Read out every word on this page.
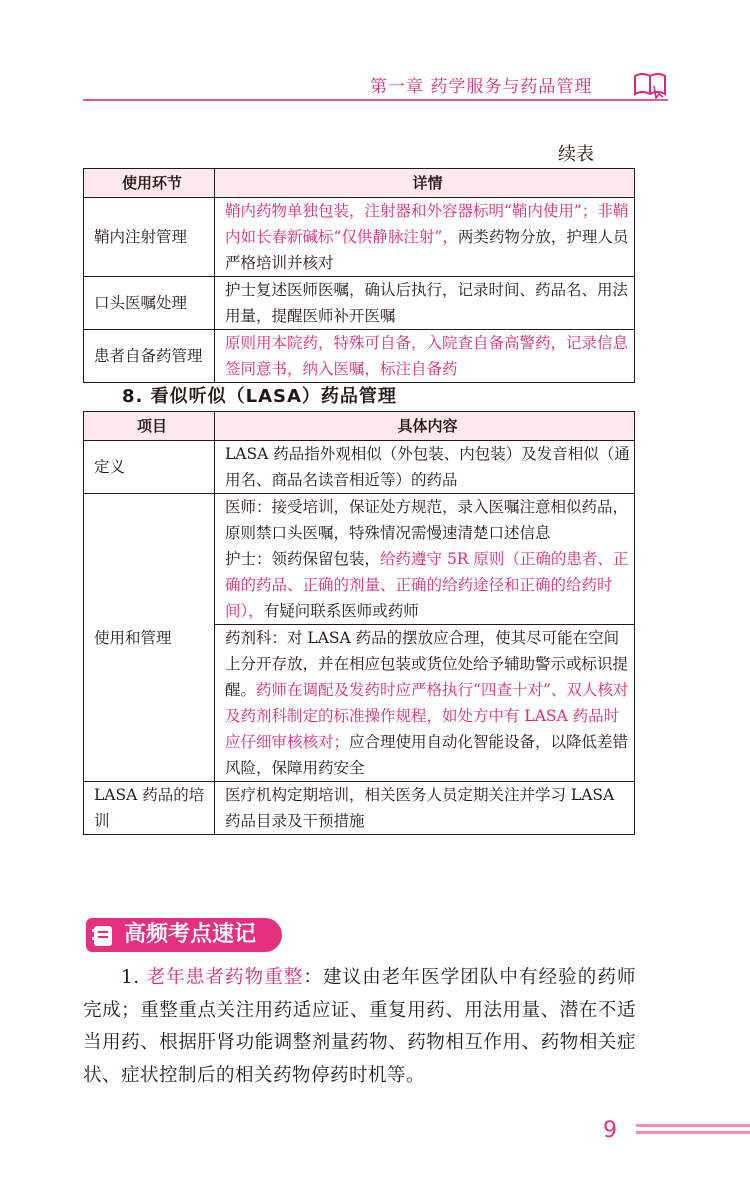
第一章 药学服务与药品管理
续表
使用环节	详情
鞘内注射管理	鞘内药物单独包装，注射器和外容器标明“鞘内使用”；非鞘内如长春新碱标“仅供静脉注射”，两类药物分放，护理人员严格培训并核对
口头医嘱处理	护士复述医师医嘱，确认后执行，记录时间、药品名、用法用量，提醒医师补开医嘱
患者自备药管理	原则用本院药，特殊可自备，入院查自备高警药，记录信息签同意书，纳入医嘱，标注自备药
8. 看似听似（LASA）药品管理
项目	具体内容
定义	LASA 药品指外观相似（外包装、内包装）及发音相似（通用名、商品名读音相近等）的药品
使用和管理	医师：接受培训，保证处方规范，录入医嘱注意相似药品，原则禁口头医嘱，特殊情况需慢速清楚口述信息
护士：领药保留包装，给药遵守 5R 原则（正确的患者、正确的药品、正确的剂量、正确的给药途径和正确的给药时间），有疑问联系医师或药师

	药剂科：对 LASA 药品的摆放应合理，使其尽可能在空间上分开存放，并在相应包装或货位处给予辅助警示或标识提醒。药师在调配及发药时应严格执行“四查十对”、双人核对及药剂科制定的标准操作规程，如处方中有 LASA 药品时应仔细审核核对；应合理使用自动化智能设备，以降低差错风险，保障用药安全
LASA 药品的培训	医疗机构定期培训，相关医务人员定期关注并学习 LASA 药品目录及干预措施
高频考点速记
1. 老年患者药物重整：建议由老年医学团队中有经验的药师完成；重整重点关注用药适应证、重复用药、用法用量、潜在不适当用药、根据肝肾功能调整剂量药物、药物相互作用、药物相关症状、症状控制后的相关药物停药时机等。
9
